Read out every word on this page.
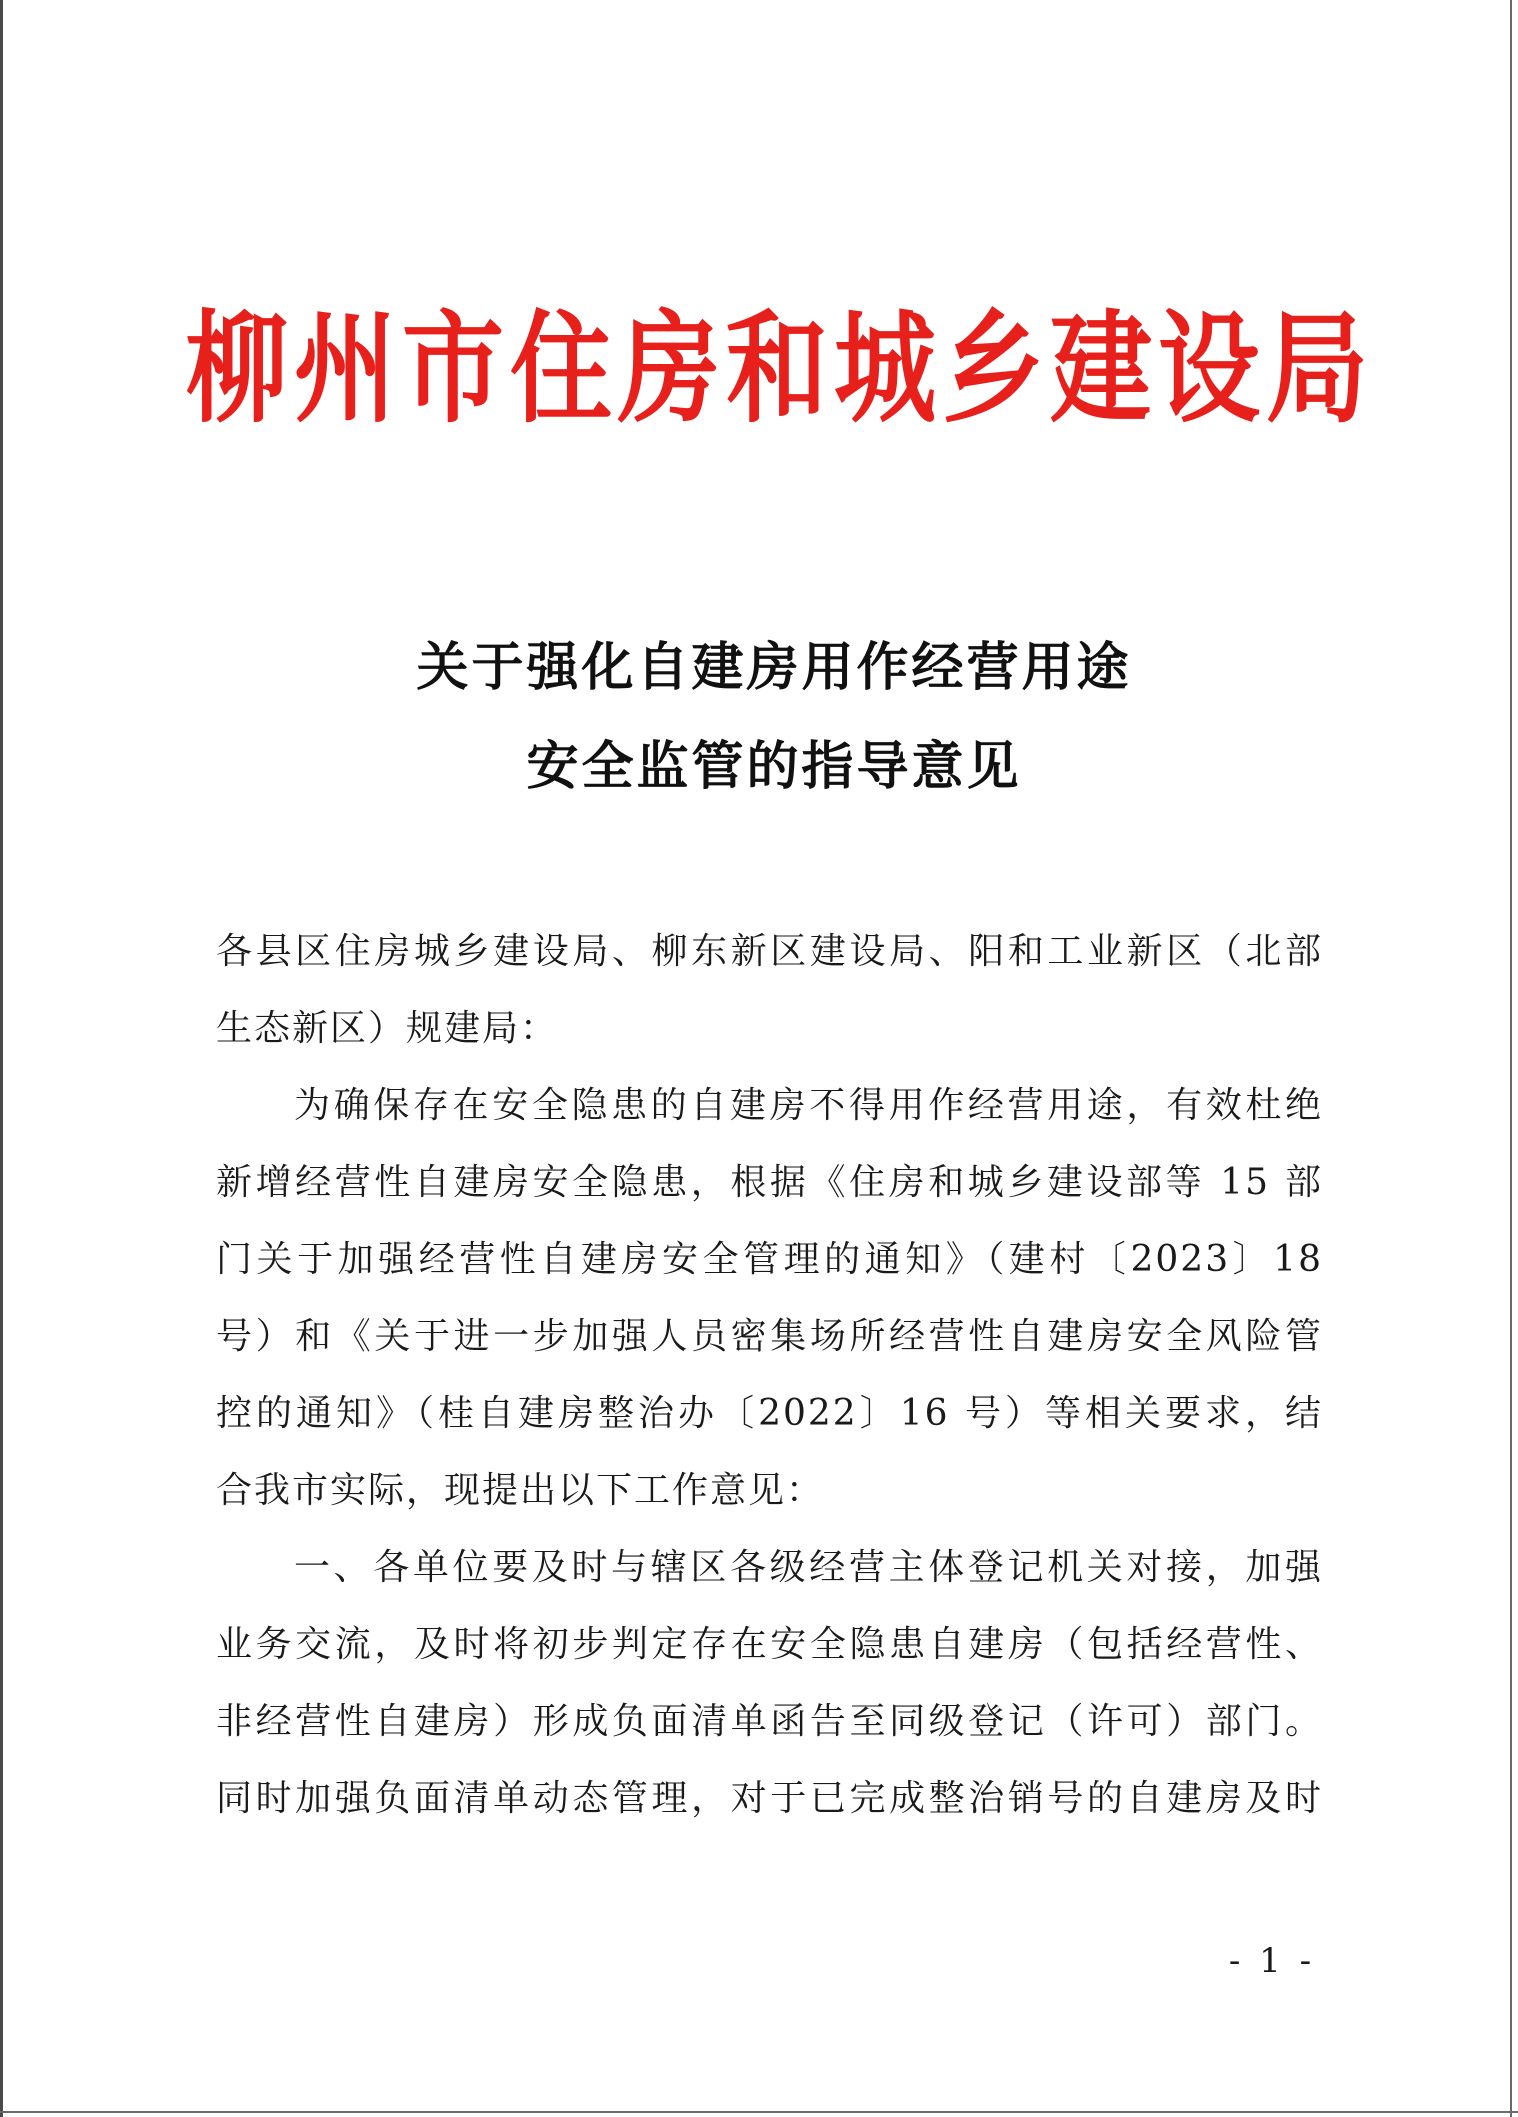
柳州市住房和城乡建设局
关于强化自建房用作经营用途
安全监管的指导意见
各县区住房城乡建设局、柳东新区建设局、阳和工业新区（北部
生态新区）规建局：
为确保存在安全隐患的自建房不得用作经营用途，有效杜绝
新增经营性自建房安全隐患，根据《住房和城乡建设部等 15 部
门关于加强经营性自建房安全管理的通知》（建村〔2023〕18
号）和《关于进一步加强人员密集场所经营性自建房安全风险管
控的通知》（桂自建房整治办〔2022〕16 号）等相关要求，结
合我市实际，现提出以下工作意见：
一、各单位要及时与辖区各级经营主体登记机关对接，加强
业务交流，及时将初步判定存在安全隐患自建房（包括经营性、
非经营性自建房）形成负面清单函告至同级登记（许可）部门。
同时加强负面清单动态管理，对于已完成整治销号的自建房及时
- 1 -
